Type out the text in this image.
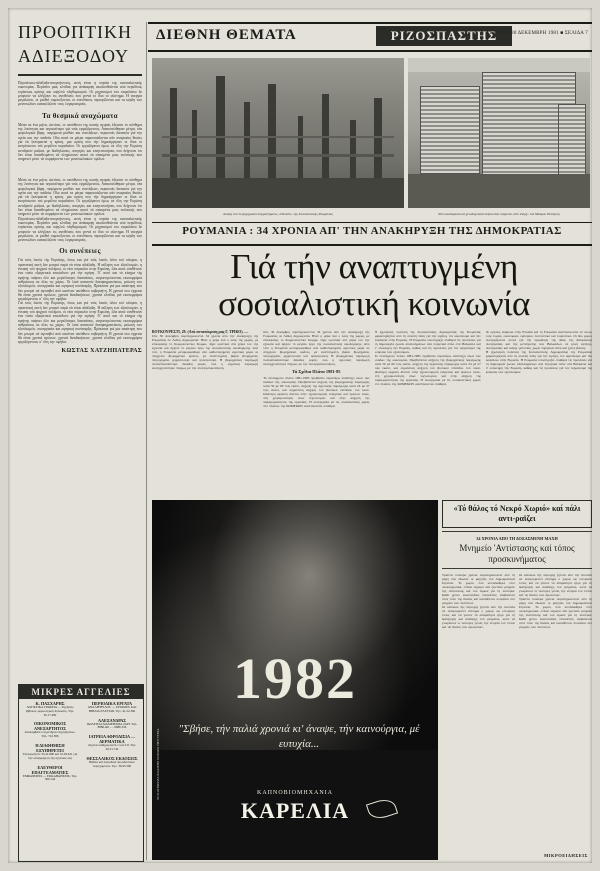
ΔΙΕΘΝΗ ΘΕΜΑΤΑ	ΡΙΖΟΣΠΑΣΤΗΣ
ΤΕΤΑΡΤΗ 30 ΔΕΚΕΜΒΡΗ 1981 ■ ΣΕΛΙΔΑ 7
ΠΡΟΟΠΤΙΚΗ
ΑΔΙΕΞΟΔΟΥ
Περιπέτειες-αδιέξοδα-απογοήτευση, αυτή είναι η πορεία της καπιταλιστικής οικονομίας. Περίοδοι μιας ελπίδας για ανάκαμψη ακολουθούνται από περιόδους τεράστιας κρίσης και υψηλού πληθωρισμού. Οι μηχανισμοί του κεφαλαίου δε μπορούν να ελέγξουν τις αντιθέσεις που γεννά το ίδιο το σύστημα. Η ανεργία μεγαλώνει, οι μισθοί συμπιέζονται, οι επενδύσεις περιορίζονται και τα κέρδη των μονοπωλίων κατακλύζουν τους λογαριασμούς.
Τα θεσμικά αναχώματα
Μέσα σε ένα μήνα, ώστόσο, οι υπεύθυνοι της κοινής αγοράς έδωσαν το σύνθημα της λιτότητας και περισσότερο γιά τούς εργαζόμενους. Ανακοινώθηκαν μέτρα, νέα φορολογικά βάρη, παγώματα μισθών και συντάξεων, περικοπές δαπανών γιά την υγεία και την παιδεία. Ολα αυτά τα μέτρα παρουσιάζονται σάν αναγκαίες θυσίες γιά νά ξεπεραστεί η κρίση, μια κρίση που τήν δημιούργησαν οι ίδιοι οι εκπρόσωποι τού μεγάλου κεφαλαίου. Οι εργαζόμενοι όμως σε όλη την Ευρώπη αντιδρούν μαζικά, με διαδηλώσεις, απεργίες και κινητοποιήσεις που δείχνουν ότι δεν είναι διατεθειμένοι νά πληρώσουν αυτοί τά σπασμένα μιας πολιτικής που υπηρετεί μόνο τά συμφέροντα των μονοπωλιακών ομίλων.
Μέσα σε ένα μήνα, ώστόσο, οι υπεύθυνοι της κοινής αγοράς έδωσαν το σύνθημα της λιτότητας και περισσότερο γιά τούς εργαζόμενους. Ανακοινώθηκαν μέτρα, νέα φορολογικά βάρη, παγώματα μισθών και συντάξεων, περικοπές δαπανών γιά την υγεία και την παιδεία. Ολα αυτά τα μέτρα παρουσιάζονται σάν αναγκαίες θυσίες γιά νά ξεπεραστεί η κρίση, μια κρίση που τήν δημιούργησαν οι ίδιοι οι εκπρόσωποι τού μεγάλου κεφαλαίου. Οι εργαζόμενοι όμως σε όλη την Ευρώπη αντιδρούν μαζικά, με διαδηλώσεις, απεργίες και κινητοποιήσεις που δείχνουν ότι δεν είναι διατεθειμένοι νά πληρώσουν αυτοί τά σπασμένα μιας πολιτικής που υπηρετεί μόνο τά συμφέροντα των μονοπωλιακών ομίλων.
Περιπέτειες-αδιέξοδα-απογοήτευση, αυτή είναι η πορεία της καπιταλιστικής οικονομίας. Περίοδοι μιας ελπίδας για ανάκαμψη ακολουθούνται από περιόδους τεράστιας κρίσης και υψηλού πληθωρισμού. Οι μηχανισμοί του κεφαλαίου δε μπορούν να ελέγξουν τις αντιθέσεις που γεννά το ίδιο το σύστημα. Η ανεργία μεγαλώνει, οι μισθοί συμπιέζονται, οι επενδύσεις περιορίζονται και τα κέρδη των μονοπωλίων κατακλύζουν τους λογαριασμούς.
Οι συνέπειες
Γιά τούς λαούς τής Ευρώπης, όπως και γιά τούς λαούς όλου τού κόσμου, η προοπτική αυτή δεν μπορεί παρά νά είναι αδιέξοδη. Η αύξηση των εξοπλισμών, η ένταση τού ψυχρού πολέμου, οι νέοι πύραυλοι στην Ευρώπη, όλα αυτά συνθέτουν ένα τοπίο εξαιρετικά επικίνδυνο γιά τήν ειρήνη. Γι' αυτό και τό κίνημα τής ειρήνης παίρνει όλο και μεγαλύτερες διαστάσεις, συγκεντρώνοντας εκατομμύρια ανθρώπους σε όλες τις χώρες. Οι λαοί απαιτούν διαπραγματεύσεις, μείωση των εξοπλισμών, συνεργασία και ειρηνική συνύπαρξη. Πρόκειται γιά μια απαίτηση που δεν μπορεί νά αγνοηθεί από κανέναν υπεύθυνο κυβερνήτη. Η χρονιά που έρχεται θά είναι χρονιά αγώνων, χρονιά διεκδικήσεων, χρονιά ελπίδας γιά εκατομμύρια εργαζόμενους σ' όλη την υφήλιο.
Γιά τούς λαούς τής Ευρώπης, όπως και γιά τούς λαούς όλου τού κόσμου, η προοπτική αυτή δεν μπορεί παρά νά είναι αδιέξοδη. Η αύξηση των εξοπλισμών, η ένταση τού ψυχρού πολέμου, οι νέοι πύραυλοι στην Ευρώπη, όλα αυτά συνθέτουν ένα τοπίο εξαιρετικά επικίνδυνο γιά τήν ειρήνη. Γι' αυτό και τό κίνημα τής ειρήνης παίρνει όλο και μεγαλύτερες διαστάσεις, συγκεντρώνοντας εκατομμύρια ανθρώπους σε όλες τις χώρες. Οι λαοί απαιτούν διαπραγματεύσεις, μείωση των εξοπλισμών, συνεργασία και ειρηνική συνύπαρξη. Πρόκειται γιά μια απαίτηση που δεν μπορεί νά αγνοηθεί από κανέναν υπεύθυνο κυβερνήτη. Η χρονιά που έρχεται θά είναι χρονιά αγώνων, χρονιά διεκδικήσεων, χρονιά ελπίδας γιά εκατομμύρια εργαζόμενους σ' όλη την υφήλιο.
ΚΩΣΤΑΣ ΧΑΤΖΗΠΑΤΕΡΑΣ
Αποψη τού πετροχημικού συγκροτήματος «Πλοέστι» τής Σοσιαλιστικής Ρουμανίας	Νέα οικοδομικά καί ξενοδοχειακά κτίρια στήν παραλία «Σέν Ζώρζ» τού Μαύρου Πελάγους
ΡΟΥΜΑΝΙΑ : 34 ΧΡΟΝΙΑ ΑΠ' ΤΗΝ ΑΝΑΚΗΡΥΞΗ ΤΗΣ ΔΗΜΟΚΡΑΤΙΑΣ
Γιά τήν αναπτυγμένη
σοσιαλιστική κοινωνία
ΒΟΥΚΟΥΡΕΣΤΙ, 29. (Από ανταπόκριση μας Γ. ΤΡΙΚΟ). —
Στίς 30 Δεκέμβρη συμπληρώνονται 34 χρόνια από τήν ανακήρυξη τής Ρουμανίας σε Λαϊκή Δημοκρατία. Ηταν η μέρα πού ο λαός τής χώρας, με επικεφαλής τό Κομμουνιστικό Κόμμα, πήρε οριστικά στά χέρια του τήν εξουσία καί άρχισε τό μεγάλο έργο τής σοσιαλιστικής οικοδόμησης. Από τότε η Ρουμανία μεταμορφώθηκε από καθυστερημένη αγροτική χώρα σε σύγχρονο βιομηχανικό κράτος, μέ αναπτυγμένη βαριά βιομηχανία, πετροχημεία, μηχανολογία καί ηλεκτρονική. Η βιομηχανική παραγωγή πολλαπλασιάστηκε δεκάδες φορές, ενώ η αγροτική παραγωγή εκσυγχρονίστηκε πλήρως μέ τήν συνεργατικοποίηση.
Στίς 30 Δεκέμβρη συμπληρώνονται 34 χρόνια από τήν ανακήρυξη τής Ρουμανίας σε Λαϊκή Δημοκρατία. Ηταν η μέρα πού ο λαός τής χώρας, με επικεφαλής τό Κομμουνιστικό Κόμμα, πήρε οριστικά στά χέρια του τήν εξουσία καί άρχισε τό μεγάλο έργο τής σοσιαλιστικής οικοδόμησης. Από τότε η Ρουμανία μεταμορφώθηκε από καθυστερημένη αγροτική χώρα σε σύγχρονο βιομηχανικό κράτος, μέ αναπτυγμένη βαριά βιομηχανία, πετροχημεία, μηχανολογία καί ηλεκτρονική. Η βιομηχανική παραγωγή πολλαπλασιάστηκε δεκάδες φορές, ενώ η αγροτική παραγωγή εκσυγχρονίστηκε πλήρως μέ τήν συνεργατικοποίηση.
Τά Σχέδια Πλάνα 1981-85
Τό πεντάχρονο πλάνο 1981-1985 προβλέπει περαιτέρω ανάπτυξη όλων τών κλάδων τής οικονομίας. Προβλέπεται αύξηση τής βιομηχανικής παραγωγής κατά 50 μέ 60 τοίς εκατό, αύξηση τής αγροτικής παραγωγής κατά 24 μέ 27 τοίς εκατό, καί σημαντική αύξηση τού βιοτικού επιπέδου τού λαού. Ιδιαίτερη έμφαση δίνεται στήν εξοικονόμηση ενέργειας καί πρώτων υλών, στή χρησιμοποίηση νέων τεχνολογιών καί στήν αύξηση τής παραγωγικότητας τής εργασίας. Η συνεργασία μέ τίς σοσιαλιστικές χώρες στό πλαίσιο τής ΚΟΜΕΚΟΝ αναπτύσσεται σταθερά.
Η εξωτερική πολιτική τής Σοσιαλιστικής Δημοκρατίας τής Ρουμανίας χαρακτηρίζεται από τή συνεπή πάλη γιά τήν ειρήνη, τόν αφοπλισμό καί τήν ασφάλεια στήν Ευρώπη. Η Ρουμανία υποστηρίζει σταθερά τίς προτάσεις γιά τή δημιουργία ζωνών απαλλαγμένων από πυρηνικά όπλα στά Βαλκάνια καί σ' ολόκληρη τήν Ευρώπη, καθώς καί τίς προτάσεις γιά τόν τερματισμό τής κούρσας τών εξοπλισμών.
Τό πεντάχρονο πλάνο 1981-1985 προβλέπει περαιτέρω ανάπτυξη όλων τών κλάδων τής οικονομίας. Προβλέπεται αύξηση τής βιομηχανικής παραγωγής κατά 50 μέ 60 τοίς εκατό, αύξηση τής αγροτικής παραγωγής κατά 24 μέ 27 τοίς εκατό, καί σημαντική αύξηση τού βιοτικού επιπέδου τού λαού. Ιδιαίτερη έμφαση δίνεται στήν εξοικονόμηση ενέργειας καί πρώτων υλών, στή χρησιμοποίηση νέων τεχνολογιών καί στήν αύξηση τής παραγωγικότητας τής εργασίας. Η συνεργασία μέ τίς σοσιαλιστικές χώρες στό πλαίσιο τής ΚΟΜΕΚΟΝ αναπτύσσεται σταθερά.
Οι σχέσεις ανάμεσα στήν Ελλάδα καί τή Ρουμανία αναπτύσσονται σέ όλους τούς τομείς, οικονομικό, εμπορικό, πολιτιστικό καί τουριστικό. Οι δύο χώρες συνεργάζονται στενά γιά τήν προώθηση τής ιδέας τής βαλκανικής συνεργασίας καί τής μετατροπής τών Βαλκανίων σέ ζώνη ειρήνης, συνεργασίας καί καλής γειτονίας, χωρίς πυρηνικά όπλα καί ξένες βάσεις.
Η εξωτερική πολιτική τής Σοσιαλιστικής Δημοκρατίας τής Ρουμανίας χαρακτηρίζεται από τή συνεπή πάλη γιά τήν ειρήνη, τόν αφοπλισμό καί τήν ασφάλεια στήν Ευρώπη. Η Ρουμανία υποστηρίζει σταθερά τίς προτάσεις γιά τή δημιουργία ζωνών απαλλαγμένων από πυρηνικά όπλα στά Βαλκάνια καί σ' ολόκληρη τήν Ευρώπη, καθώς καί τίς προτάσεις γιά τόν τερματισμό τής κούρσας τών εξοπλισμών.
1982
"Σβήσε, τήν παλιά χρονιά κι' άναψε, τήν καινούργια, μέ ευτυχία...
ΚΑΠΝΟΒΙΟΜΗΧΑΝΙΑ
ΚΑΡΕΛΙΑ
ΤΟ ΚΑΠΝΙΣΜΑ ΒΛΑΠΤΕΙ ΣΟΒΑΡΑ ΤΗΝ ΥΓΕΙΑ
«Τό θάλος τό Νεκρό Χωριό» καί πάλι αντι-ραϊζει
34 ΧΡΟΝΙΑ ΑΠΟ ΤΗ ΔΟΞΑΣΜΕΝΗ ΜΑΧΗ
Μνημείο 'Αντίστασης καί τόπος προσκυνήματος
Τριάντα τέσσερα χρόνια συμπληρώνονται από τή μάχη πού έδωσαν οι μαχητές τού Δημοκρατικού Στρατού. Τό χωριό, πού ισοπεδώθηκε τότε ολοκληρωτικά, στέκει σήμερα σάν ζωντανό μνημείο τής αντίστασης καί τού αγώνα γιά τή λευτεριά. Κάθε χρόνο εκατοντάδες επισκέπτες ανεβαίνουν στόν τόπο τής θυσίας καί καταθέτουν στεφάνια στό μνημείο τών πεσόντων.
Οι κάτοικοι τής περιοχής ζητούν από τήν πολιτεία νά αναγνωριστεί επίσημα ο χώρος ώς ιστορικός τόπος καί νά γίνουν τά απαραίτητα έργα γιά τή διατήρηση καί ανάδειξη τού μνημείου, ώστε νά γνωρίσουν οι νεότερες γενιές τήν ιστορία τού τόπου καί τίς θυσίες τών αγωνιστών.
Οι κάτοικοι τής περιοχής ζητούν από τήν πολιτεία νά αναγνωριστεί επίσημα ο χώρος ώς ιστορικός τόπος καί νά γίνουν τά απαραίτητα έργα γιά τή διατήρηση καί ανάδειξη τού μνημείου, ώστε νά γνωρίσουν οι νεότερες γενιές τήν ιστορία τού τόπου καί τίς θυσίες τών αγωνιστών.
Τριάντα τέσσερα χρόνια συμπληρώνονται από τή μάχη πού έδωσαν οι μαχητές τού Δημοκρατικού Στρατού. Τό χωριό, πού ισοπεδώθηκε τότε ολοκληρωτικά, στέκει σήμερα σάν ζωντανό μνημείο τής αντίστασης καί τού αγώνα γιά τή λευτεριά. Κάθε χρόνο εκατοντάδες επισκέπτες ανεβαίνουν στόν τόπο τής θυσίας καί καταθέτουν στεφάνια στό μνημείο τών πεσόντων.
ΜΙΚΡΟΕΙΔΗΣΕΙΣ
ΜΙΚΡΕΣ ΑΓΓΕΛΙΕΣ
Κ. ΠΑΣΧΑΡΗΣ
ΛΟΓΙΣΤΙΚΑ ΓΡΑΦΕΙΑ — Τηρήσεις βιβλίων, φορολογικές δηλώσεις. Τηλ. 36.17.482
ΟΙΚΟΝΟΜΙΚΟΣ ΑΝΕΞΑΡΤΗΤΟΣ
Αναλαμβάνει λογιστήρια επιχειρήσεων. Τηλ. 722.586
Η ΔΙΑΦΗΜΙΣΗ ΕΞΥΠΗΡΕΤΕΙ
Τηλεφωνήστε 33.41.890 καί 32.29.421 γιά τήν καταχώρηση τής αγγελίας σας
ΕΛΕΥΘΕΡΟΙ ΕΠΑΓΓΕΛΜΑΤΙΕΣ
ΕΜΦΑΝΙΣΕΙΣ — ΕΚΚΑΘΑΡΙΣΕΙΣ. Τηλ. 360.144
ΠΕΡΙΟΔΙΚΑ ΕΡΓΑΤΑ
ΑΝΑΛΗΨΗ ΛΟΓ. — ΕΡΓΑΣΙΕΣ ΚΑΙ ΒΙΒΛΙΑ ΕΛΕΓΧΟΙ. Τηλ. 41.22.306
ΑΛΕΞΑΝΔΡΑΣ
ΠΩΛΕΙΤΑΙ ΔΙΑΜΕΡΙΣΜΑ 2ΑΡΙ. Τηλ. 8880.461 — 9886.334
ΙΑΤΡΕΙΑ ΑΦΡΟΔΙΣΙΑ — ΔΕΡΜΑΤΙΚΑ
Δέχεται καθημερινά 9-1 καί 5-8. Τηλ. 36.31.742
ΘΕΣΣΑΛΙΚΟΣ ΕΚΔΟΣΕΙΣ
Βιβλία καί περιοδικά προοδευτικού περιεχομένου. Τηλ. 36.95.500
